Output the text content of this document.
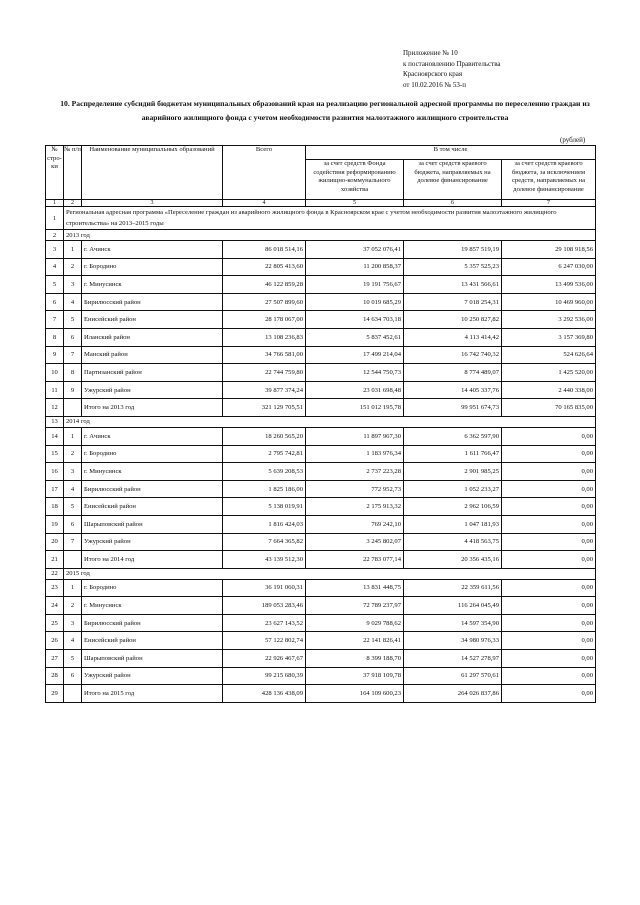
Приложение № 10
к постановлению Правительства
Красноярского края
от 10.02.2016 № 53-п
10. Распределение субсидий бюджетам муниципальных образований края на реализацию региональной адресной программы по переселению граждан из аварийного жилищного фонда с учетом необходимости развития малоэтажного жилищного строительства
(рублей)
№ стро-ки	№ п/п	Наименование муниципальных образований	Всего	В том числе		
				за счет средств Фонда содействия реформированию жилищно-коммунального хозяйства	за счет средств краевого бюджета, направляемых на долевое финансирование	за счет средств краевого бюджета, за исключением средств, направляемых на долевое финансирование
1	2	3	4	5	6	7
1	Региональная адресная программа «Переселение граждан из аварийного жилищного фонда в Красноярском крае с учетом необходимости развития малоэтажного жилищного строительства» на 2013–2015 годы					
2	2013 год					
3	1	г. Ачинск	86 018 514,16	37 052 076,41	19 857 519,19	29 108 918,56
4	2	г. Бородино	22 805 413,60	11 200 858,37	5 357 525,23	6 247 030,00
5	3	г. Минусинск	46 122 859,28	19 191 756,67	13 431 566,61	13 499 536,00
6	4	Бирилюсский район	27 507 899,60	10 019 685,29	7 018 254,31	10 469 960,00
7	5	Енисейский район	28 178 067,00	14 634 703,18	10 250 827,82	3 292 536,00
8	6	Иланский район	13 108 236,83	5 837 452,61	4 113 414,42	3 157 369,80
9	7	Манский район	34 766 581,00	17 499 214,04	16 742 740,32	524 626,64
10	8	Партизанский район	22 744 759,80	12 544 750,73	8 774 489,07	1 425 520,00
11	9	Ужурский район	39 877 374,24	23 031 698,48	14 405 337,76	2 440 338,00
12		Итого на 2013 год	321 129 705,51	151 012 195,78	99 951 674,73	70 165 835,00
13	2014 год					
14	1	г. Ачинск	18 260 565,20	11 897 967,30	6 362 597,90	0,00
15	2	г. Бородино	2 795 742,81	1 183 976,34	1 611 766,47	0,00
16	3	г. Минусинск	5 639 208,53	2 737 223,28	2 901 985,25	0,00
17	4	Бирилюсский район	1 825 186,00	772 952,73	1 052 233,27	0,00
18	5	Енисейский район	5 138 019,91	2 175 913,32	2 962 106,59	0,00
19	6	Шарыповский район	1 816 424,03	769 242,10	1 047 181,93	0,00
20	7	Ужурский район	7 664 365,82	3 245 802,07	4 418 563,75	0,00
21		Итого на 2014 год	43 139 512,30	22 783 077,14	20 356 435,16	0,00
22	2015 год					
23	1	г. Бородино	36 191 060,31	13 831 448,75	22 359 611,56	0,00
24	2	г. Минусинск	189 053 283,46	72 789 237,97	116 264 045,49	0,00
25	3	Бирилюсский район	23 627 143,52	9 029 788,62	14 597 354,90	0,00
26	4	Енисейский район	57 122 802,74	22 141 826,41	34 980 976,33	0,00
27	5	Шарыповский район	22 926 467,67	8 399 188,70	14 527 278,97	0,00
28	6	Ужурский район	99 215 680,39	37 918 109,78	61 297 570,61	0,00
29		Итого на 2015 год	428 136 438,09	164 109 600,23	264 026 837,86	0,00
